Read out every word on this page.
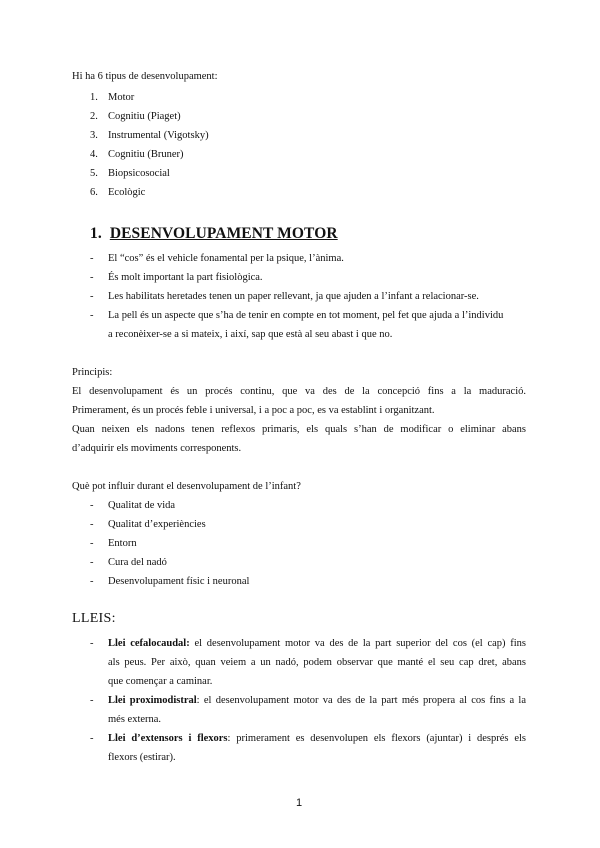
Hi ha 6 tipus de desenvolupament:
1. Motor
2. Cognitiu (Piaget)
3. Instrumental (Vigotsky)
4. Cognitiu (Bruner)
5. Biopsicosocial
6. Ecològic
1. DESENVOLUPAMENT MOTOR
- El “cos” és el vehicle fonamental per la psique, l’ànima.
- És molt important la part fisiològica.
- Les habilitats heretades tenen un paper rellevant, ja que ajuden a l’infant a relacionar-se.
- La pell és un aspecte que s’ha de tenir en compte en tot moment, pel fet que ajuda a l’individu
a reconèixer-se a si mateix, i així, sap que està al seu abast i que no.
Principis:
El desenvolupament és un procés continu, que va des de la concepció fins a la maduració.
Primerament, és un procés feble i universal, i a poc a poc, es va establint i organitzant.
Quan neixen els nadons tenen reflexos primaris, els quals s’han de modificar o eliminar abans
d’adquirir els moviments corresponents.
Què pot influir durant el desenvolupament de l’infant?
- Qualitat de vida
- Qualitat d’experiències
- Entorn
- Cura del nadó
- Desenvolupament físic i neuronal
LLEIS:
- Llei cefalocaudal: el desenvolupament motor va des de la part superior del cos (el cap) fins
als peus. Per això, quan veiem a un nadó, podem observar que manté el seu cap dret, abans
que començar a caminar.
- Llei proximodistral: el desenvolupament motor va des de la part més propera al cos fins a la
més externa.
- Llei d’extensors i flexors: primerament es desenvolupen els flexors (ajuntar) i després els
flexors (estirar).
1
